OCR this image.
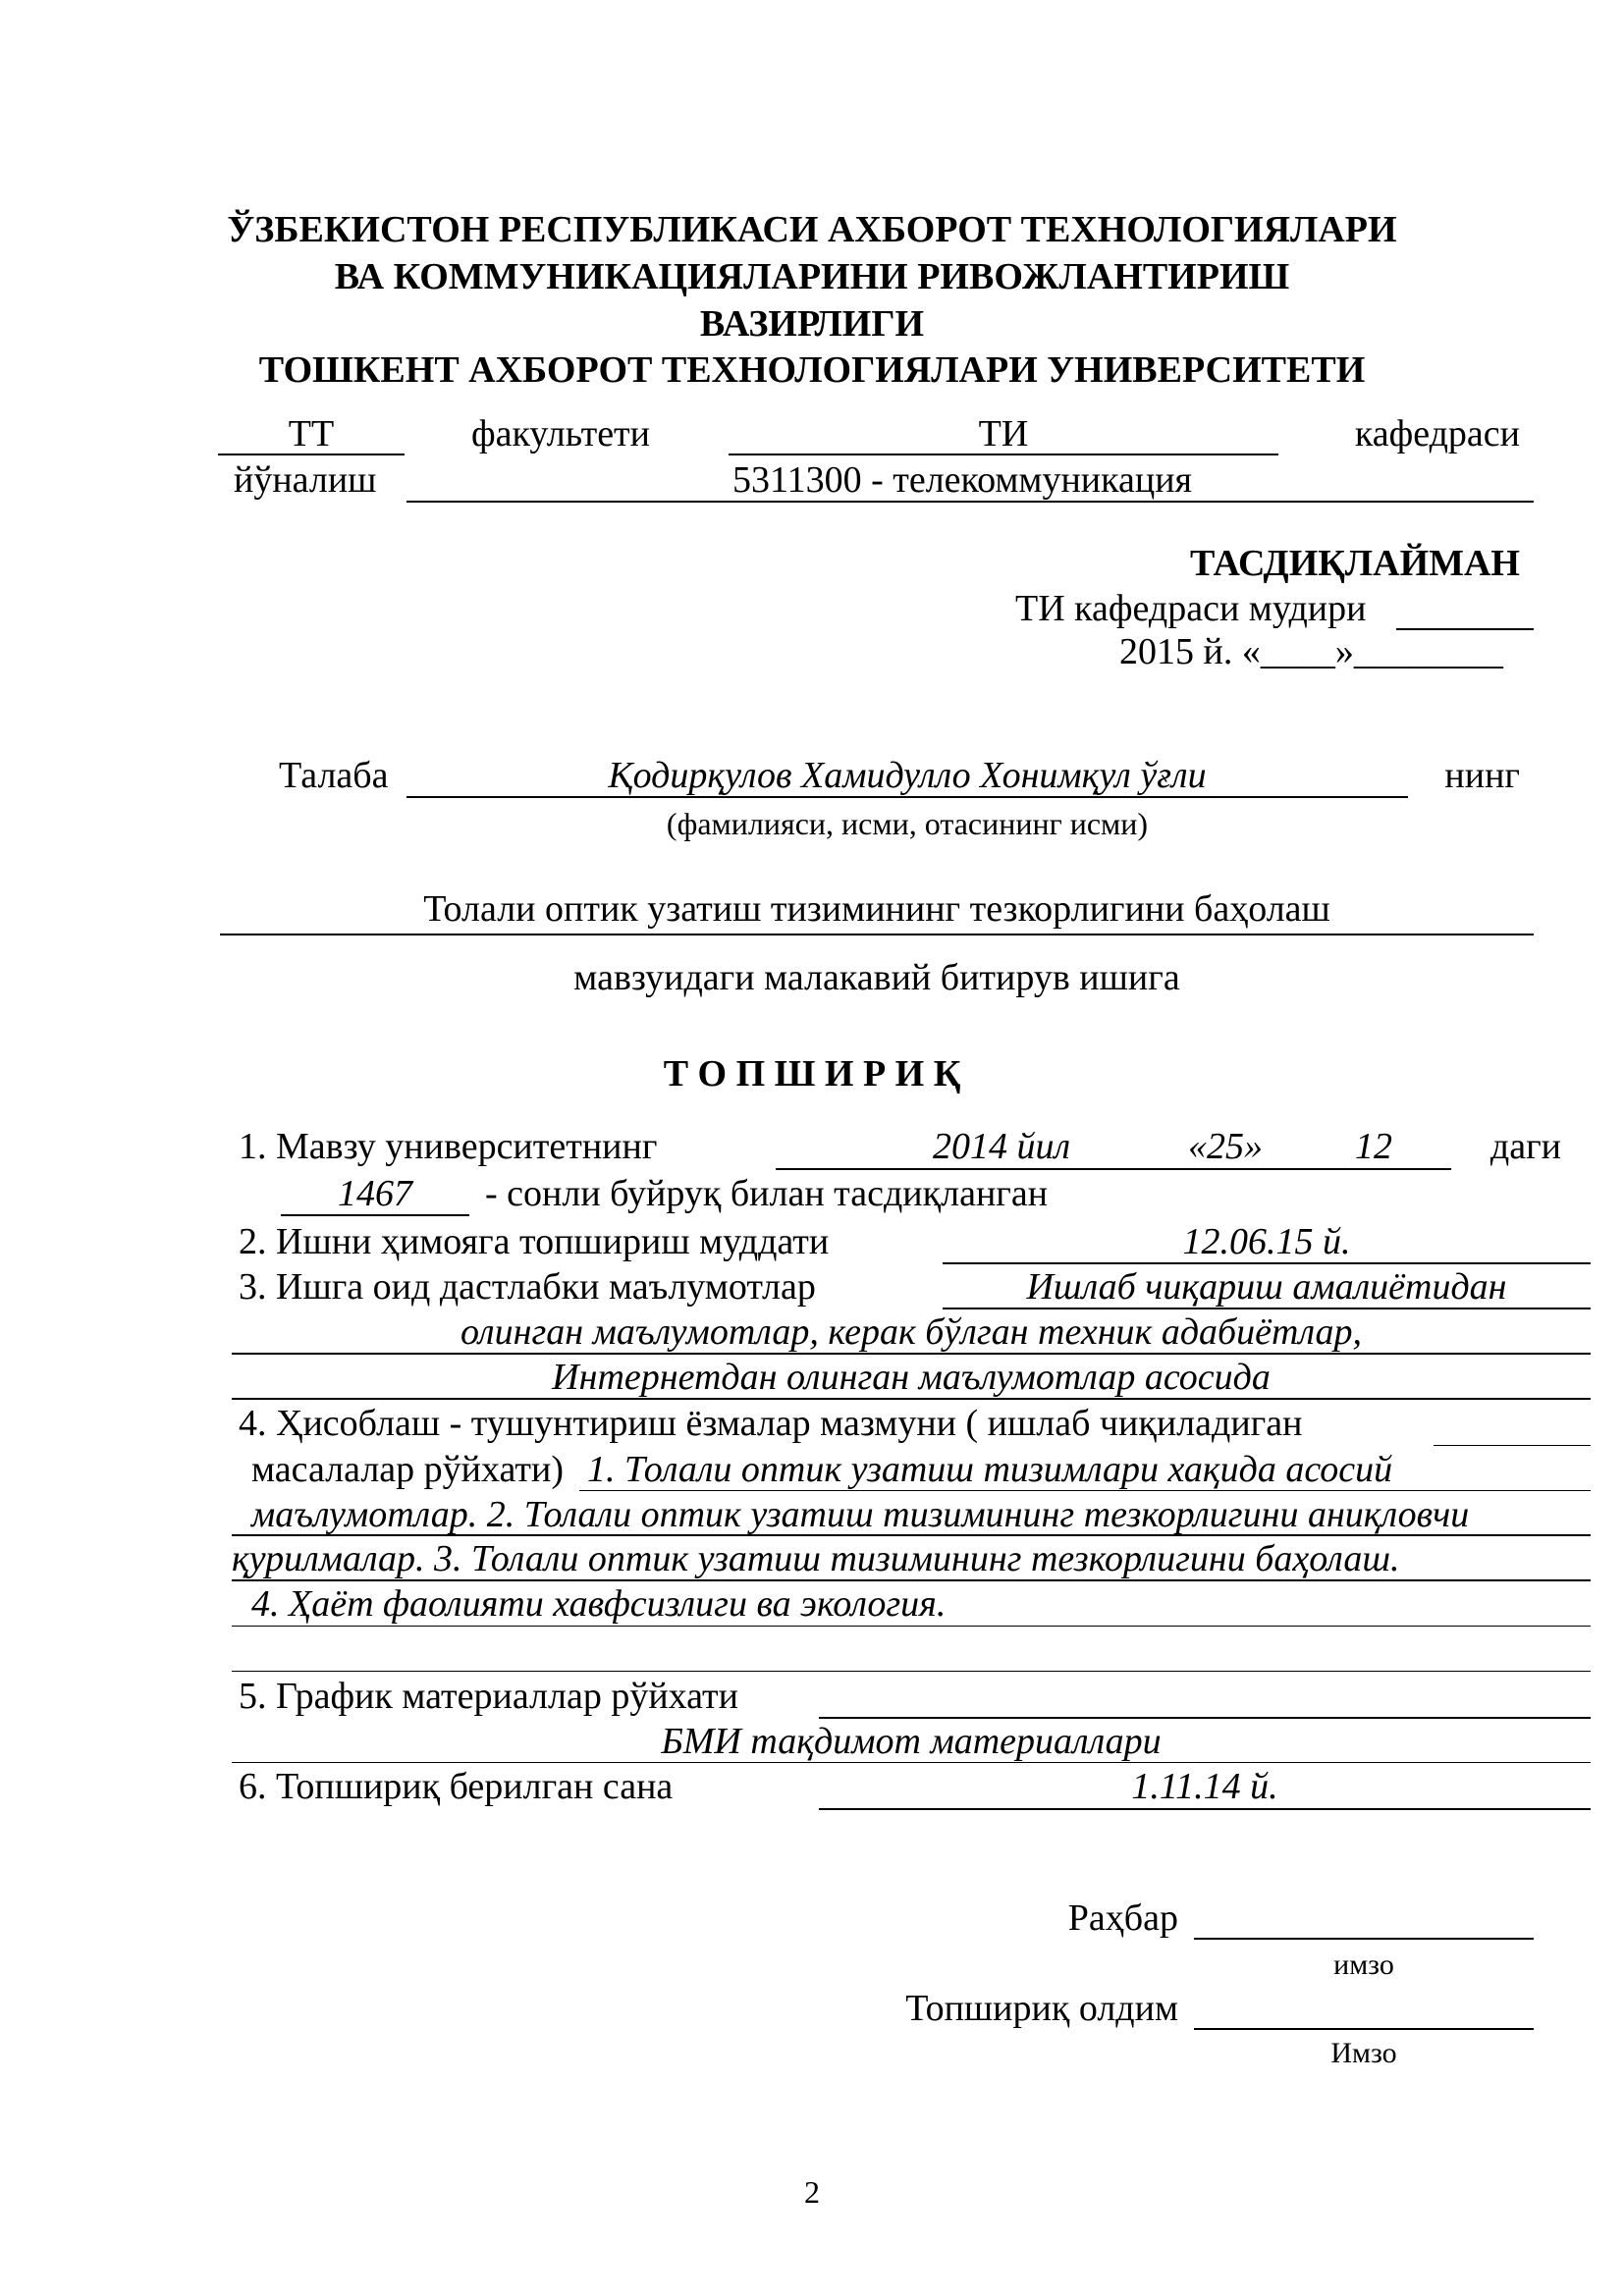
ЎЗБЕКИСТОН РЕСПУБЛИКАСИ АХБОРОТ ТЕХНОЛОГИЯЛАРИ
ВА КОММУНИКАЦИЯЛАРИНИ РИВОЖЛАНТИРИШ
ВАЗИРЛИГИ
ТОШКЕНТ АХБОРОТ ТЕХНОЛОГИЯЛАРИ УНИВЕРСИТЕТИ
ТТ	факультети	ТИ	кафедраси
йўналиш	5311300 - телекоммуникация
ТАСДИҚЛАЙМАН
ТИ кафедраси мудири
2015 й. «____»________
Талаба	Қодирқулов Хамидулло Хонимқул ўғли	нинг
(фамилияси, исми, отасининг исми)
Толали оптик узатиш тизимининг тезкорлигини баҳолаш
мавзуидаги малакавий битирув ишига
Т О П Ш И Р И Қ
1. Мавзу университетнинг	2014 йил	«25» 12	даги
1467	- сонли буйруқ билан тасдиқланган
2. Ишни ҳимояга топшириш муддати	12.06.15 й.
3. Ишга оид дастлабки маълумотлар	Ишлаб чиқариш амалиётидан
олинган маълумотлар, керак бўлган техник адабиётлар,
Интернетдан олинган маълумотлар асосида
4. Ҳисоблаш - тушунтириш ёзмалар мазмуни ( ишлаб чиқиладиган
масалалар рўйхати) 1. Толали оптик узатиш тизимлари хақида асосий
маълумотлар. 2. Толали оптик узатиш тизимининг тезкорлигини аниқловчи
қурилмалар. 3. Толали оптик узатиш тизимининг тезкорлигини баҳолаш.
4. Ҳаёт фаолияти хавфсизлиги ва экология.
5. График материаллар рўйхати
БМИ тақдимот материаллари
6. Топшириқ берилган сана	1.11.14 й.
Раҳбар
имзо
Топшириқ олдим
Имзо
2
